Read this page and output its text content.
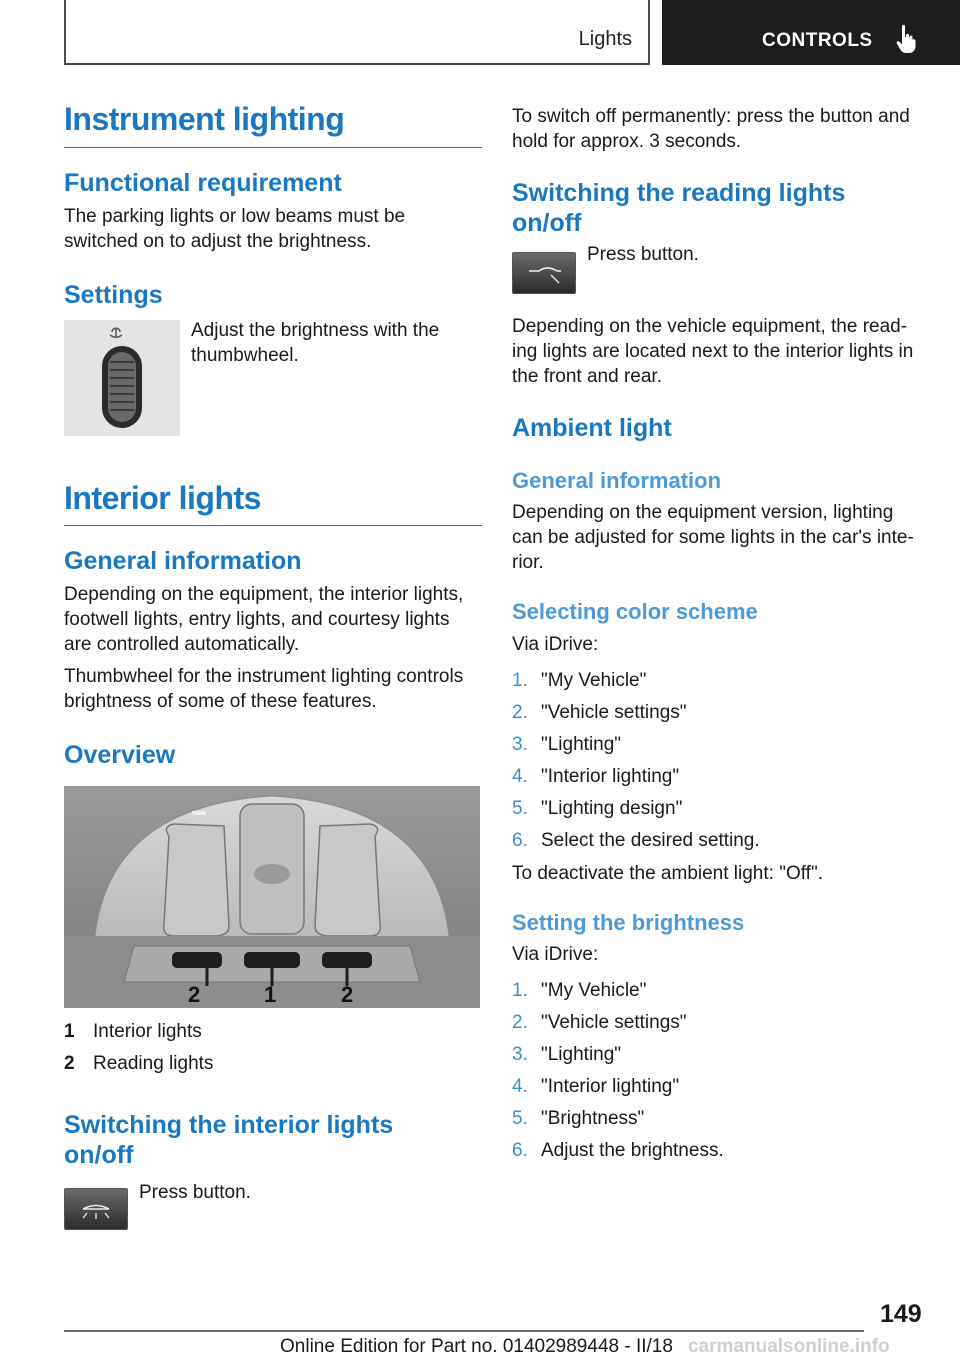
Lights	CONTROLS
Instrument lighting
Functional requirement

The parking lights or low beams must be switched on to adjust the brightness.

Settings

Adjust the brightness with the thumbwheel.

Interior lights
General information

Depending on the equipment, the interior lights, footwell lights, entry lights, and courtesy lights are controlled automatically.

Thumbwheel for the instrument lighting controls brightness of some of these features.

Overview
2	1	2
1 Interior lights
2 Reading lights
Switching the interior lights on/off

Press button.

To switch off permanently: press the button and hold for approx. 3 seconds.

Switching the reading lights on/off

Press button.

Depending on the vehicle equipment, the read-ing lights are located next to the interior lights in the front and rear.

Ambient light
General information

Depending on the equipment version, lighting can be adjusted for some lights in the car's inte-rior.

Selecting color scheme

Via iDrive:

1. "My Vehicle"
2. "Vehicle settings"
3. "Lighting"
4. "Interior lighting"
5. "Lighting design"
6. Select the desired setting.

To deactivate the ambient light: "Off".

Setting the brightness

Via iDrive:

1. "My Vehicle"
2. "Vehicle settings"
3. "Lighting"
4. "Interior lighting"
5. "Brightness"
6. Adjust the brightness.
149
Online Edition for Part no. 01402989448 - II/18 carmanualsonline.info
